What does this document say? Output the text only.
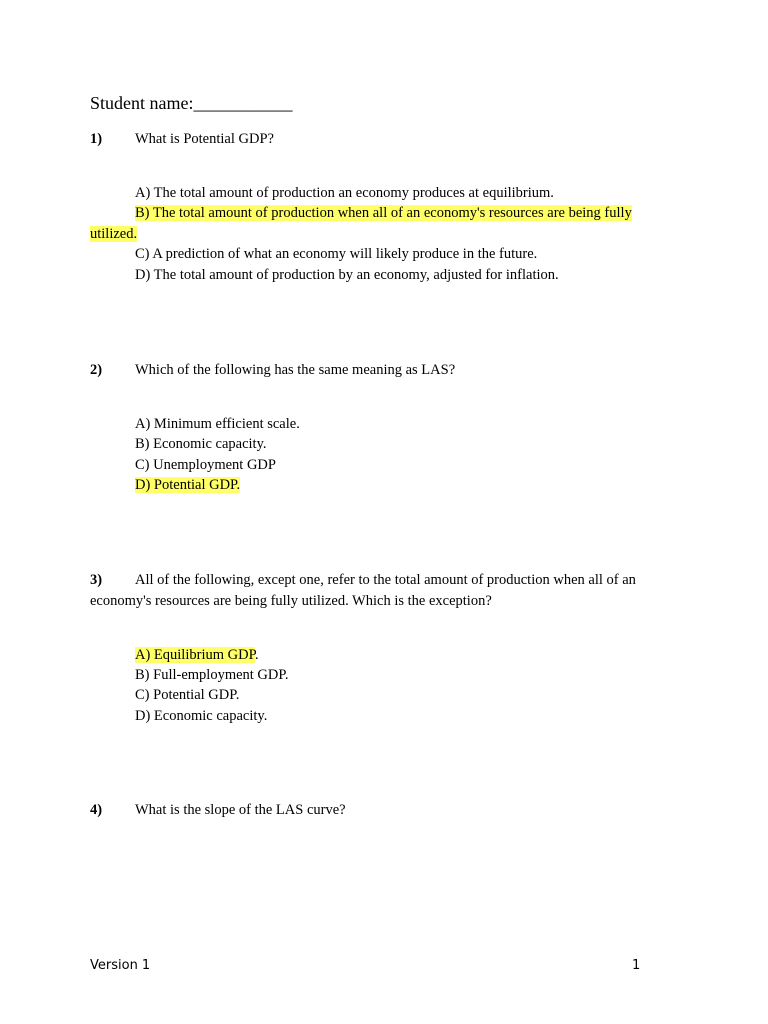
Student name:___________
1) What is Potential GDP?
A) The total amount of production an economy produces at equilibrium.
B) The total amount of production when all of an economy's resources are being fully
utilized.
C) A prediction of what an economy will likely produce in the future.
D) The total amount of production by an economy, adjusted for inflation.
2) Which of the following has the same meaning as LAS?
A) Minimum efficient scale.
B) Economic capacity.
C) Unemployment GDP
D) Potential GDP.
3) All of the following, except one, refer to the total amount of production when all of an
economy's resources are being fully utilized. Which is the exception?
A) Equilibrium GDP.
B) Full-employment GDP.
C) Potential GDP.
D) Economic capacity.
4) What is the slope of the LAS curve?
Version 1	1
